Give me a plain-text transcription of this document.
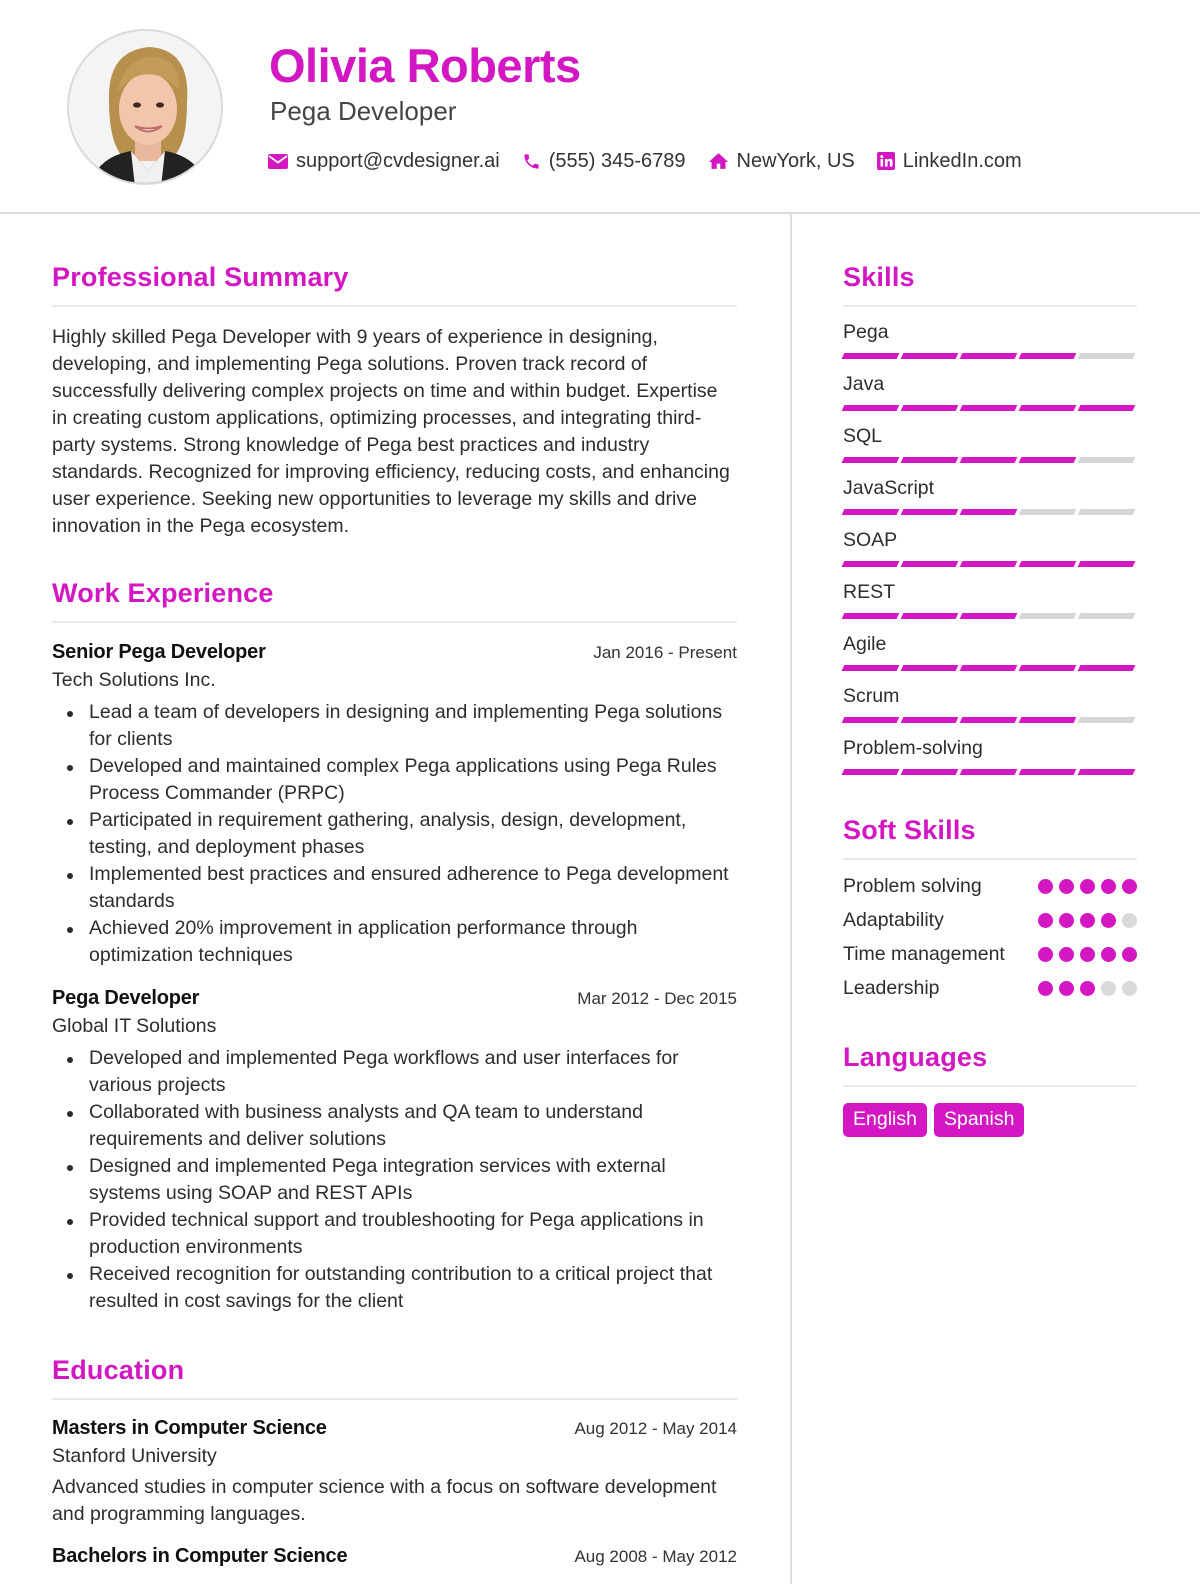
Olivia Roberts
Pega Developer
support@cvdesigner.ai (555) 345-6789	NewYork, US LinkedIn.com
Professional Summary

Highly skilled Pega Developer with 9 years of experience in designing, developing, and implementing Pega solutions. Proven track record of successfully delivering complex projects on time and within budget. Expertise in creating custom applications, optimizing processes, and integrating third-party systems. Strong knowledge of Pega best practices and industry standards. Recognized for improving efficiency, reducing costs, and enhancing user experience. Seeking new opportunities to leverage my skills and drive innovation in the Pega ecosystem.

Work Experience
Senior Pega Developer	Jan 2016 - Present
Tech Solutions Inc.
Lead a team of developers in designing and implementing Pega solutions for clients
Developed and maintained complex Pega applications using Pega Rules Process Commander (PRPC)
Participated in requirement gathering, analysis, design, development, testing, and deployment phases
Implemented best practices and ensured adherence to Pega development standards
Achieved 20% improvement in application performance through optimization techniques
Pega Developer	Mar 2012 - Dec 2015
Global IT Solutions
Developed and implemented Pega workflows and user interfaces for various projects
Collaborated with business analysts and QA team to understand requirements and deliver solutions
Designed and implemented Pega integration services with external systems using SOAP and REST APIs
Provided technical support and troubleshooting for Pega applications in production environments
Received recognition for outstanding contribution to a critical project that resulted in cost savings for the client
Education
Masters in Computer Science	Aug 2012 - May 2014
Stanford University

Advanced studies in computer science with a focus on software development and programming languages.

Bachelors in Computer Science	Aug 2008 - May 2012
Skills
Pega
Java
SQL
JavaScript
SOAP
REST
Agile
Scrum
Problem-solving
Soft Skills
Problem solving
Adaptability
Time management
Leadership
Languages
English	Spanish
